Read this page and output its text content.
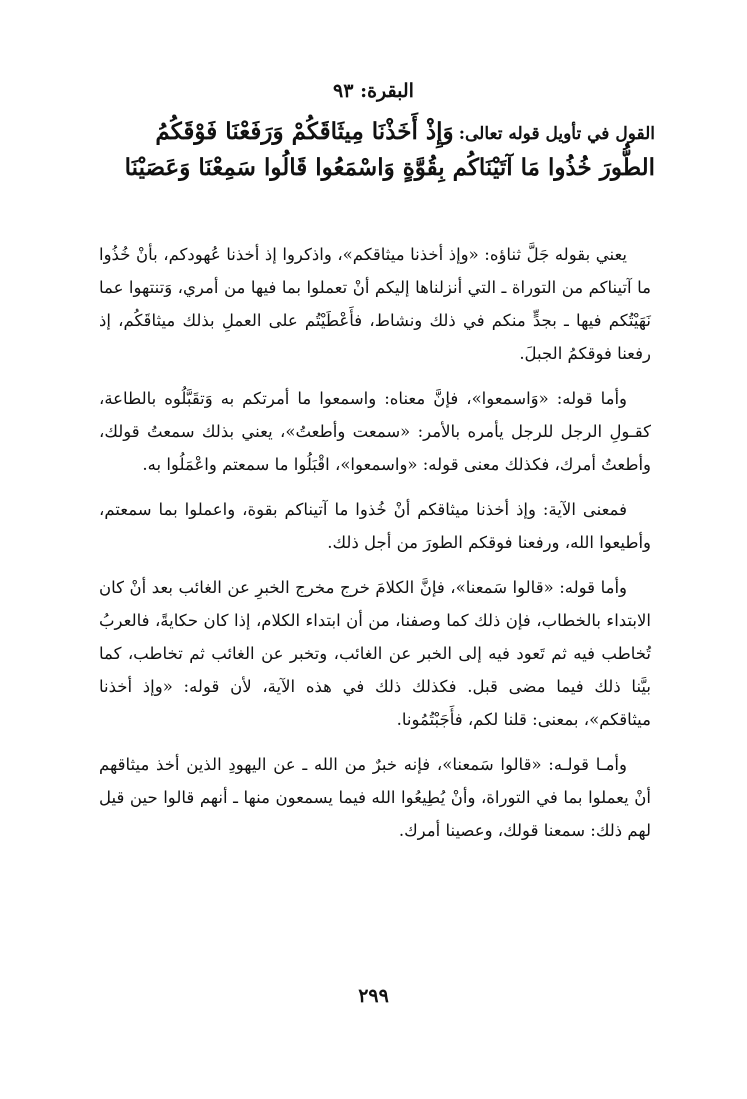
البقرة: ٩٣
القول في تأويل قوله تعالى: وَإِذْ أَخَذْنَا مِيثَاقَكُمْ وَرَفَعْنَا فَوْقَكُمُ
الطُّورَ خُذُوا مَا آتَيْنَاكُم بِقُوَّةٍ وَاسْمَعُوا قَالُوا سَمِعْنَا وَعَصَيْنَا

يعني بقوله جَلَّ ثناؤه: «وإذ أخذنا ميثاقكم»، واذكروا إذ أخذنا عُهودكم، بأنْ خُذُوا ما آتيناكم من التوراة ـ التي أنزلناها إليكم أنْ تعملوا بما فيها من أمري، وَتنتهوا عما نَهَيْتُكم فيها ـ بجدٍّ منكم في ذلك ونشاط، فأَعْطَيْتُم على العملِ بذلك ميثاقَكُم، إذ رفعنا فوقكمُ الجبلَ.

وأما قوله: «وَاسمعوا»، فإنَّ معناه: واسمعوا ما أمرتكم به وَتقَبَّلُوه بالطاعة، كقـولِ الرجل للرجل يأمره بالأمر: «سمعت وأطعتُ»، يعني بذلك سمعتُ قولك، وأطعتُ أمرك، فكذلك معنى قوله: «واسمعوا»، اقْبَلُوا ما سمعتم واعْمَلُوا به.

فمعنى الآية: وإذ أخذنا ميثاقكم أنْ خُذوا ما آتيناكم بقوة، واعملوا بما سمعتم، وأطيعوا الله، ورفعنا فوقكم الطورَ من أجل ذلك.

وأما قوله: «قالوا سَمعنا»، فإنَّ الكلامَ خرج مخرج الخبرِ عن الغائب بعد أنْ كان الابتداء بالخطاب، فإن ذلك كما وصفنا، من أن ابتداء الكلام، إذا كان حكايةً، فالعربُ تُخاطب فيه ثم تَعود فيه إلى الخبر عن الغائب، وتخبر عن الغائب ثم تخاطب، كما بيَّنا ذلك فيما مضى قبل. فكذلك ذلك في هذه الآية، لأن قوله: «وإذ أخذنا ميثاقكم»، بمعنى: قلنا لكم، فأَجَبْتُمُونا.

وأمـا قولـه: «قالوا سَمعنا»، فإنه خبرٌ من الله ـ عن اليهودِ الذين أخذ ميثاقهم أنْ يعملوا بما في التوراة، وأنْ يُطِيعُوا الله فيما يسمعون منها ـ أنهم قالوا حين قيل لهم ذلك: سمعنا قولك، وعصينا أمرك.

٢٩٩
